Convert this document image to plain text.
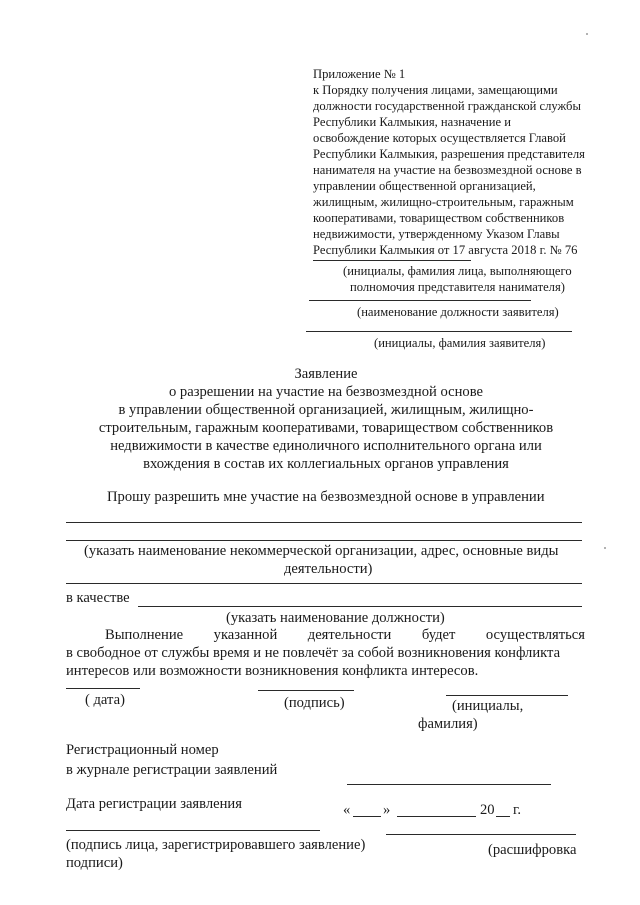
Приложение № 1
к Порядку получения лицами, замещающими
должности государственной гражданской службы
Республики Калмыкия, назначение и
освобождение которых осуществляется Главой
Республики Калмыкия, разрешения представителя
нанимателя на участие на безвозмездной основе в
управлении общественной организацией,
жилищным, жилищно-строительным, гаражным
кооперативами, товариществом собственников
недвижимости, утвержденному Указом Главы
Республики Калмыкия от 17 августа 2018 г. № 76
(инициалы, фамилия лица, выполняющего
полномочия представителя нанимателя)
(наименование должности заявителя)
(инициалы, фамилия заявителя)
Заявление
о разрешении на участие на безвозмездной основе
в управлении общественной организацией, жилищным, жилищно-
строительным, гаражным кооперативами, товариществом собственников
недвижимости в качестве единоличного исполнительного органа или
вхождения в состав их коллегиальных органов управления
Прошу разрешить мне участие на безвозмездной основе в управлении
(указать наименование некоммерческой организации, адрес, основные виды
деятельности)
в качестве
(указать наименование должности)
Выполнение указанной деятельности будет осуществляться
в свободное от службы время и не повлечёт за собой возникновения конфликта
интересов или возможности возникновения конфликта интересов.
( дата)	(подпись)	(инициалы,
фамилия)
Регистрационный номер
в журнале регистрации заявлений
Дата регистрации заявления	« »	20 г.
(подпись лица, зарегистрировавшего заявление)
подписи)
(расшифровка
